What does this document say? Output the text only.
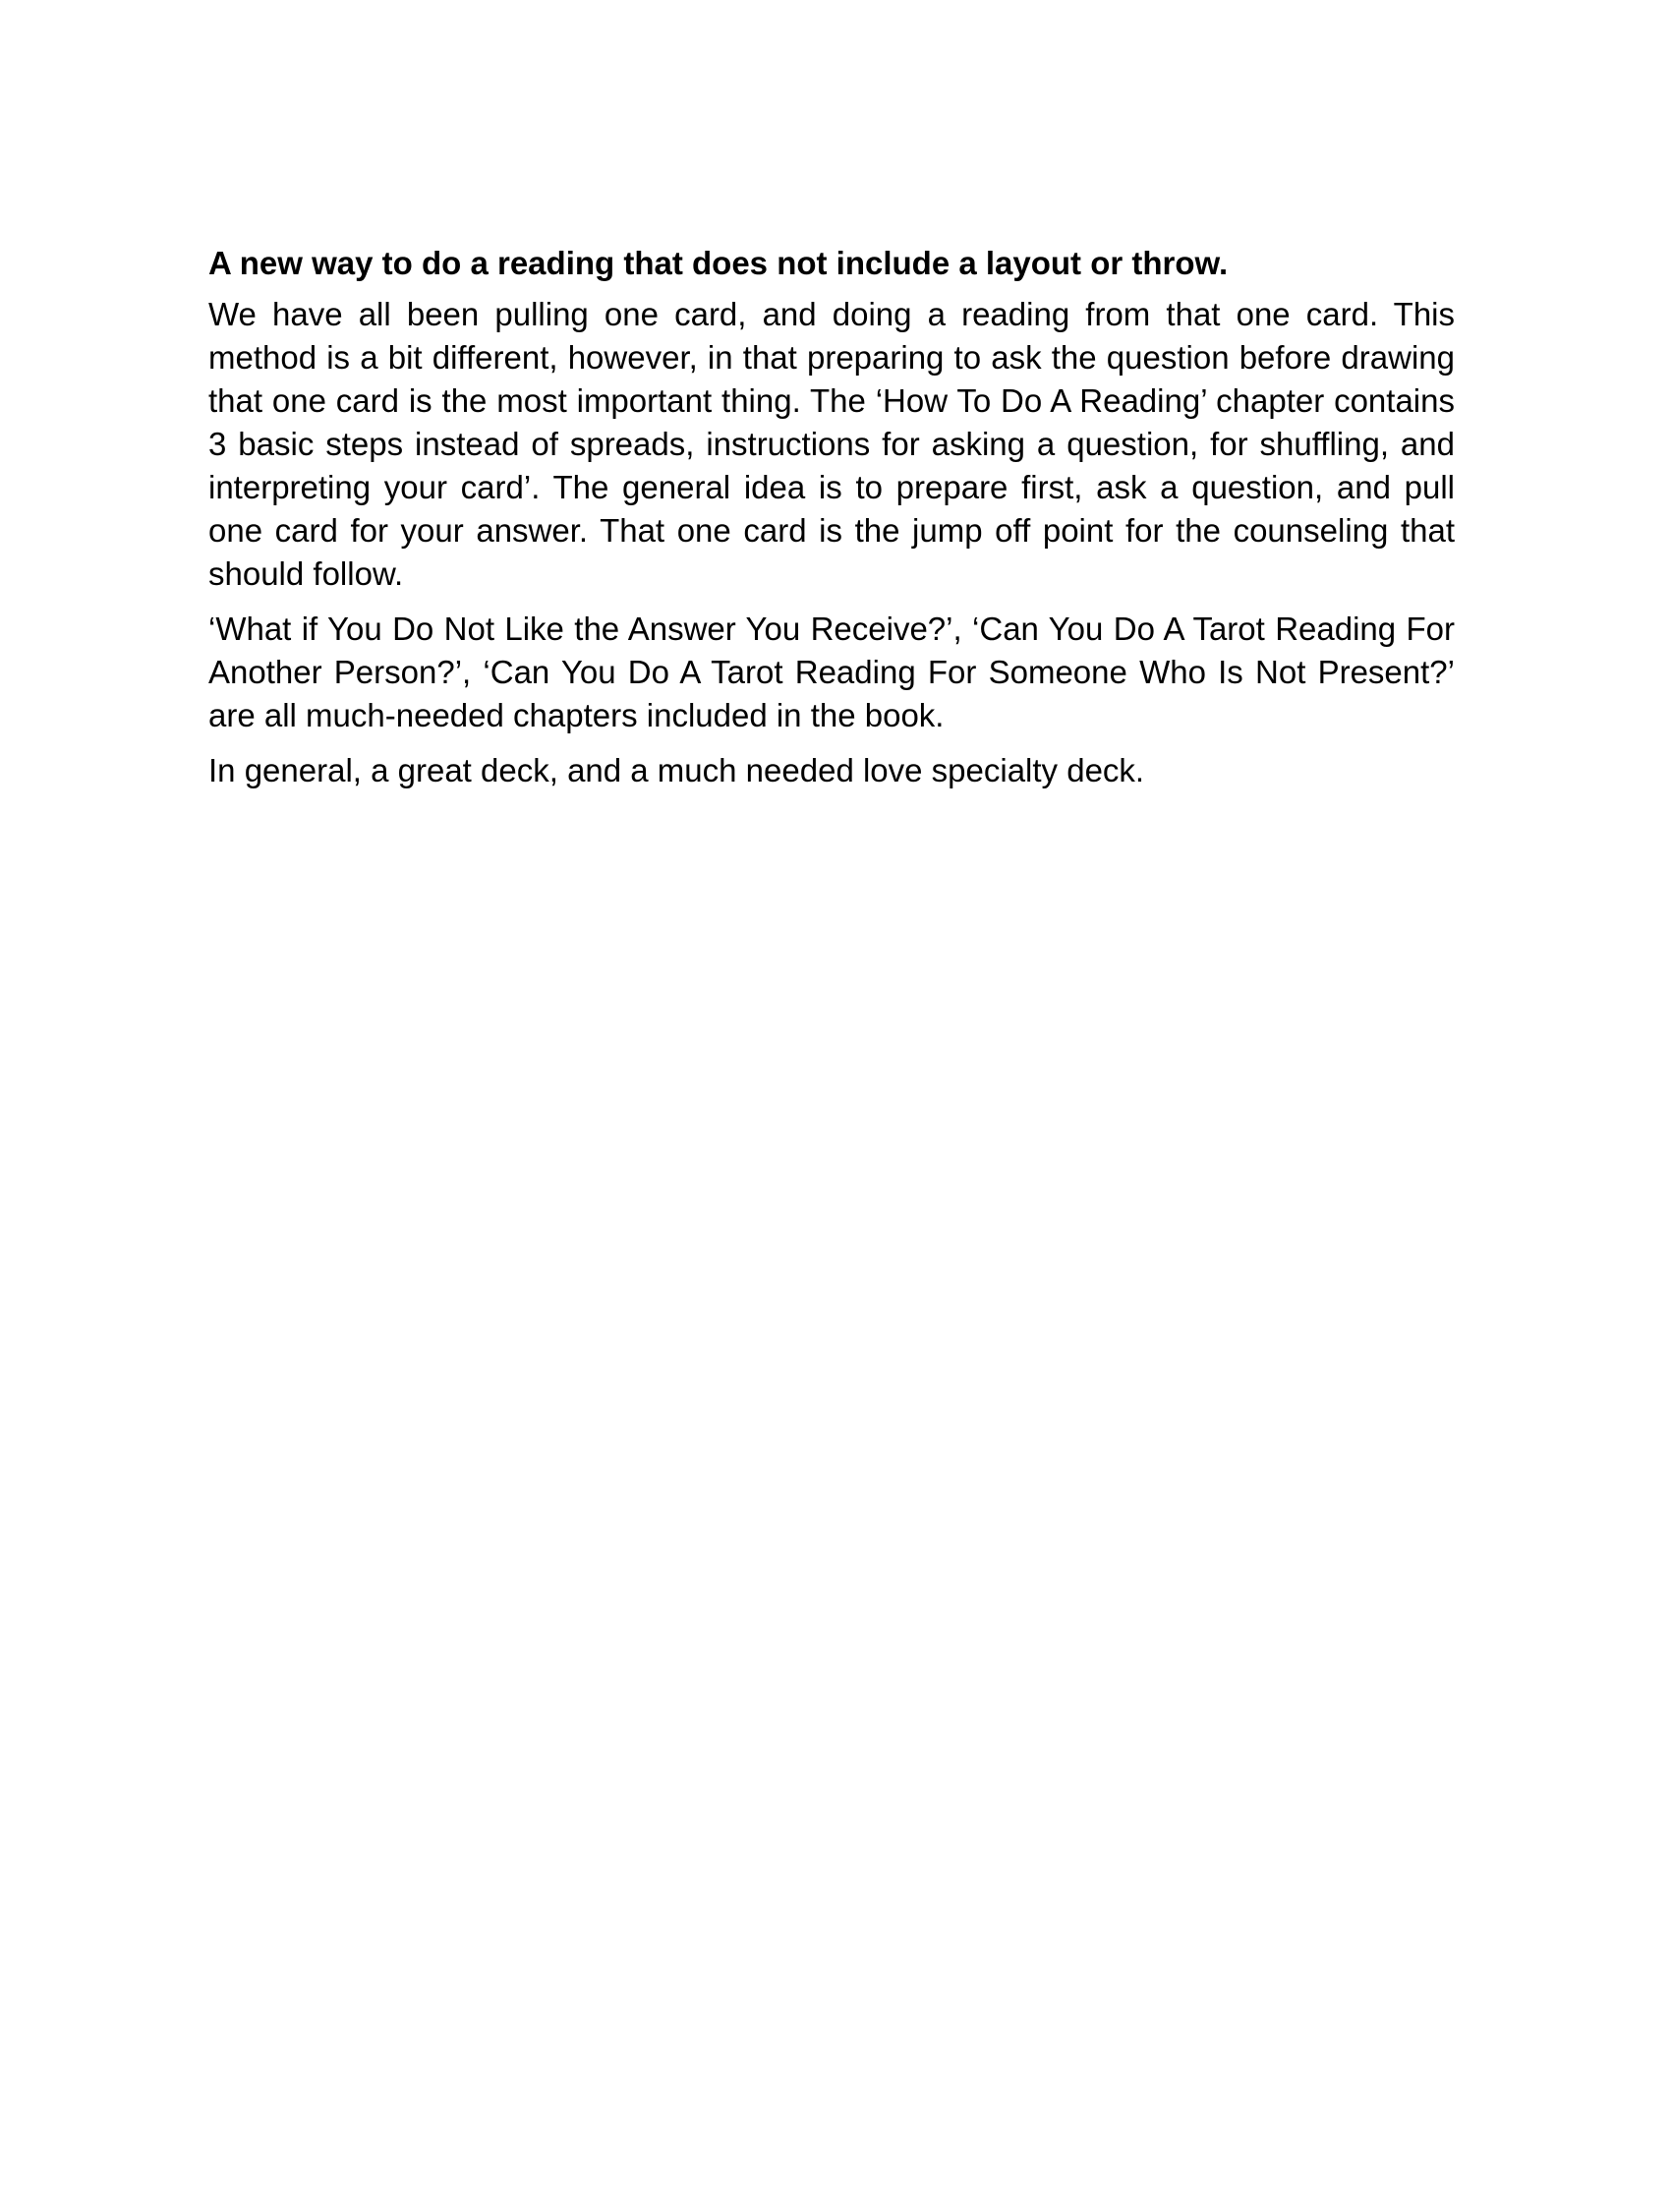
A new way to do a reading that does not include a layout or throw.

We have all been pulling one card, and doing a reading from that one card. This method is a bit different, however, in that preparing to ask the question before drawing that one card is the most important thing. The ‘How To Do A Reading’ chapter contains 3 basic steps instead of spreads, instructions for asking a question, for shuffling, and interpreting your card’. The general idea is to prepare first, ask a question, and pull one card for your answer. That one card is the jump off point for the counseling that should follow.

‘What if You Do Not Like the Answer You Receive?’, ‘Can You Do A Tarot Reading For Another Person?’, ‘Can You Do A Tarot Reading For Someone Who Is Not Present?’ are all much-needed chapters included in the book.

In general, a great deck, and a much needed love specialty deck.
